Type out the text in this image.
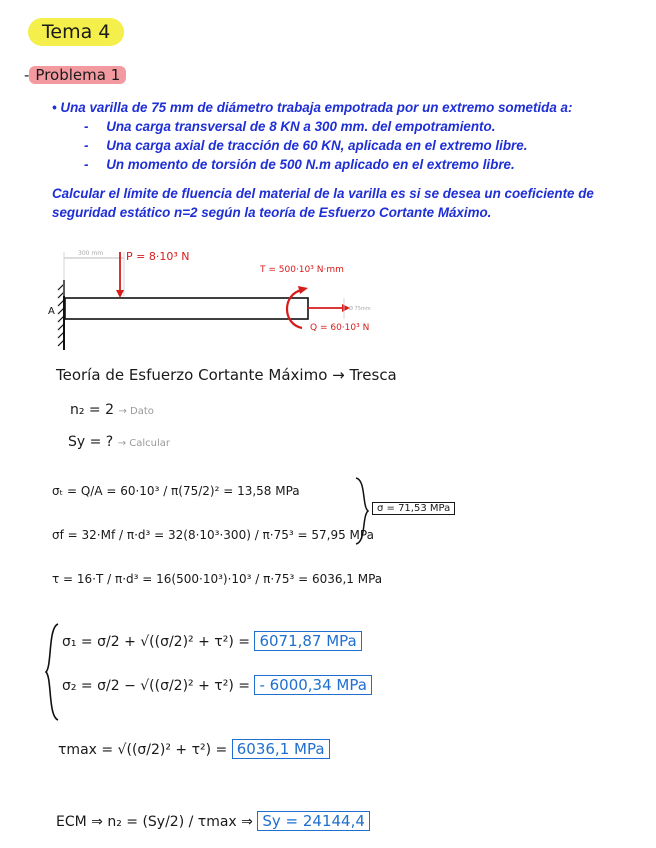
Tema 4
- Problema 1
• Una varilla de 75 mm de diámetro trabaja empotrada por un extremo sometida a:
- Una carga transversal de 8 KN a 300 mm. del empotramiento.
- Una carga axial de tracción de 60 KN, aplicada en el extremo libre.
- Un momento de torsión de 500 N.m aplicado en el extremo libre.
Calcular el límite de fluencia del material de la varilla es si se desea un coeficiente de seguridad estático n=2 según la teoría de Esfuerzo Cortante Máximo.
A
300 mm P = 8·10³ N
T = 500·10³ N·mm
Q = 60·10³ N
Ø 75mm
Teoría de Esfuerzo Cortante Máximo → Tresca
n₂ = 2 → Dato
Sy = ? → Calcular
σₜ = Q/A = 60·10³ / π(75/2)² = 13,58 MPa
σf = 32·Mf / π·d³ = 32(8·10³·300) / π·75³ = 57,95 MPa
τ = 16·T / π·d³ = 16(500·10³)·10³ / π·75³ = 6036,1 MPa
σ = 71,53 MPa
σ₁ = σ/2 + √((σ/2)² + τ²) = 6071,87 MPa
σ₂ = σ/2 − √((σ/2)² + τ²) = - 6000,34 MPa
τmax = √((σ/2)² + τ²) = 6036,1 MPa
ECM ⇒ n₂ = (Sy/2) / τmax ⇒ Sy = 24144,4
